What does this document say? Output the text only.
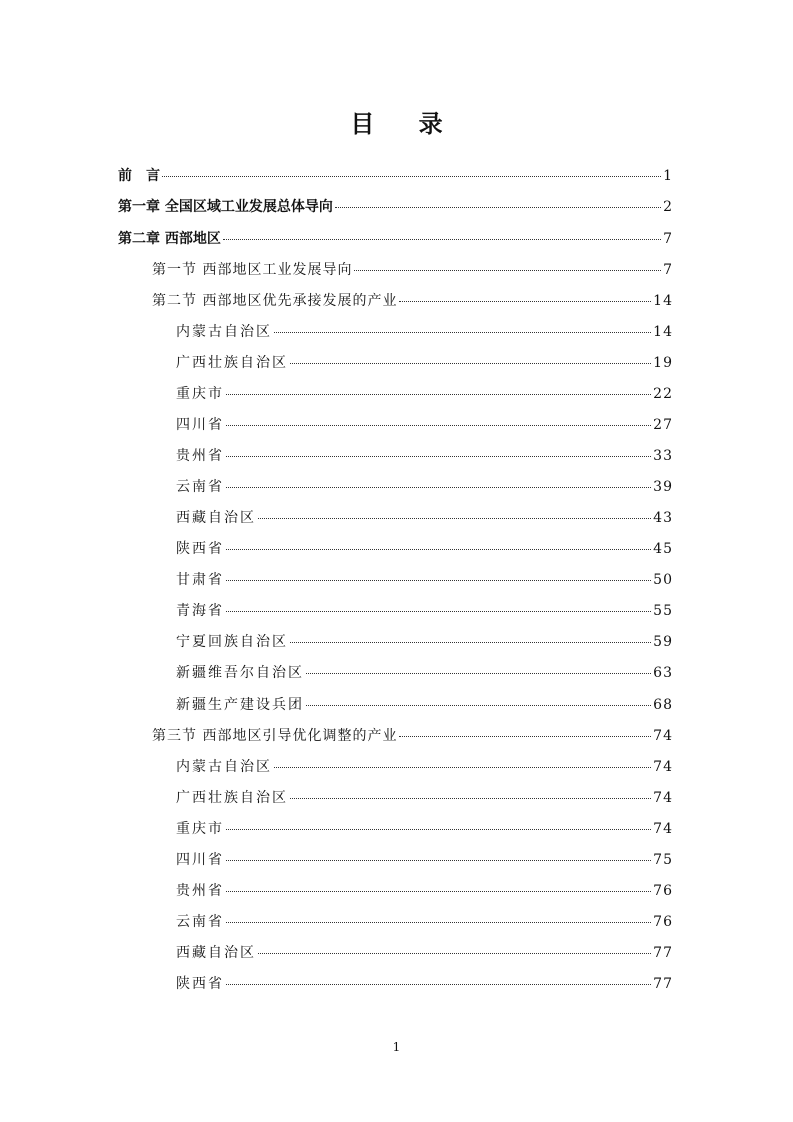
目 录
前　言	1
第一章 全国区域工业发展总体导向	2
第二章 西部地区	7
第一节 西部地区工业发展导向	7
第二节 西部地区优先承接发展的产业	14
内蒙古自治区	14
广西壮族自治区	19
重庆市	22
四川省	27
贵州省	33
云南省	39
西藏自治区	43
陕西省	45
甘肃省	50
青海省	55
宁夏回族自治区	59
新疆维吾尔自治区	63
新疆生产建设兵团	68
第三节 西部地区引导优化调整的产业	74
内蒙古自治区	74
广西壮族自治区	74
重庆市	74
四川省	75
贵州省	76
云南省	76
西藏自治区	77
陕西省	77
1
